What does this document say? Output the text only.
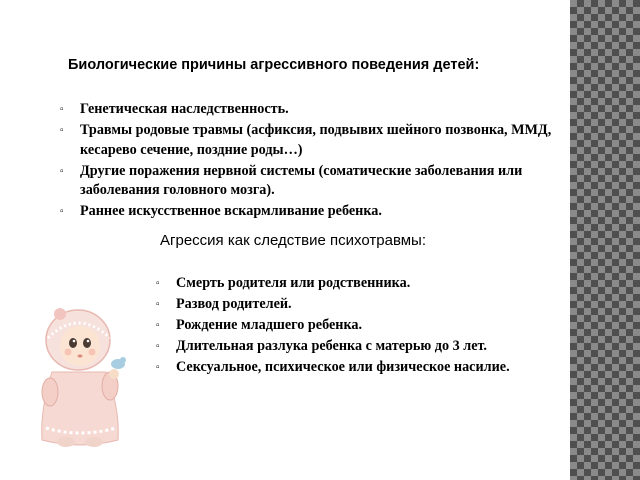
Биологические причины агрессивного поведения детей:
▫ Генетическая наследственность.
▫ Травмы родовые травмы (асфиксия, подвывих шейного позвонка, ММД, кесарево сечение, поздние роды…)
▫ Другие поражения нервной системы (соматические заболевания или заболевания головного мозга).
▫ Раннее искусственное вскармливание ребенка.
Агрессия как следствие психотравмы:
▫ Смерть родителя или родственника.
▫ Развод родителей.
▫ Рождение младшего ребенка.
▫ Длительная разлука ребенка с матерью до 3 лет.
▫ Сексуальное, психическое или физическое насилие.
